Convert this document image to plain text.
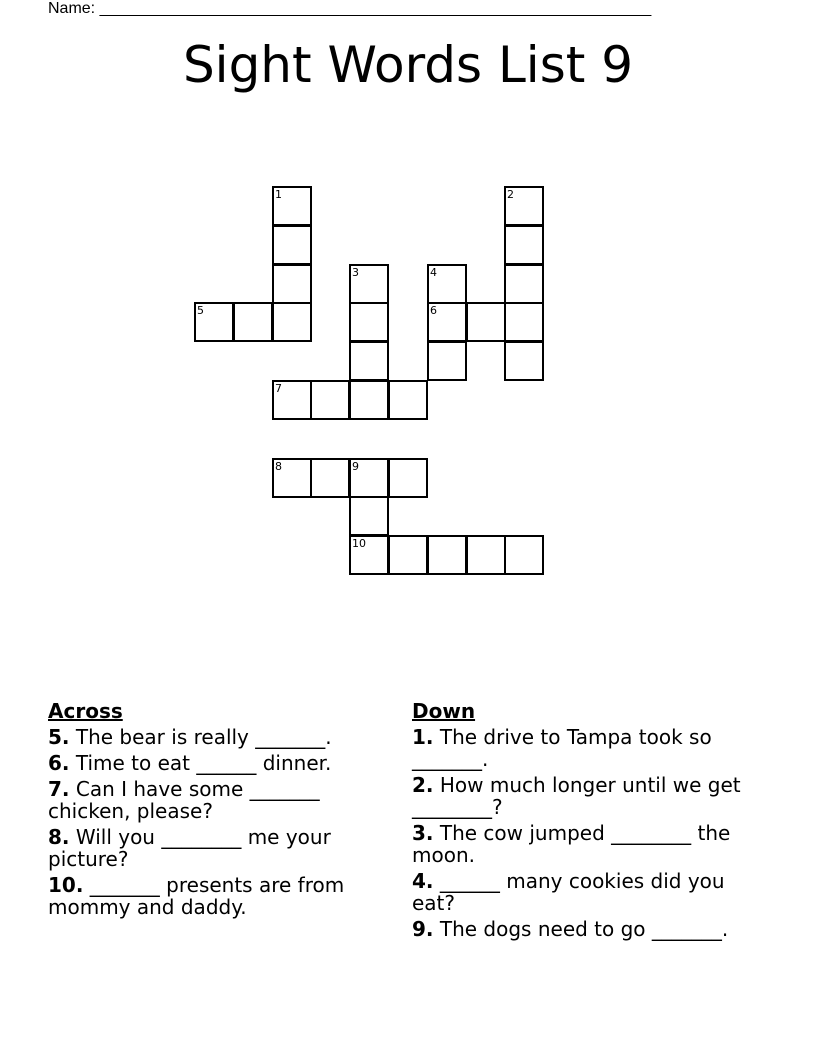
Name: ______________________________________________________________
Sight Words List 9
1	2
3	4
5	6
7
8	9
10
Across
5. The bear is really _______.
6. Time to eat ______ dinner.
7. Can I have some _______ chicken, please?
8. Will you ________ me your picture?
10. _______ presents are from mommy and daddy.
Down
1. The drive to Tampa took so _______.
2. How much longer until we get ________?
3. The cow jumped ________ the moon.
4. ______ many cookies did you eat?
9. The dogs need to go _______.
